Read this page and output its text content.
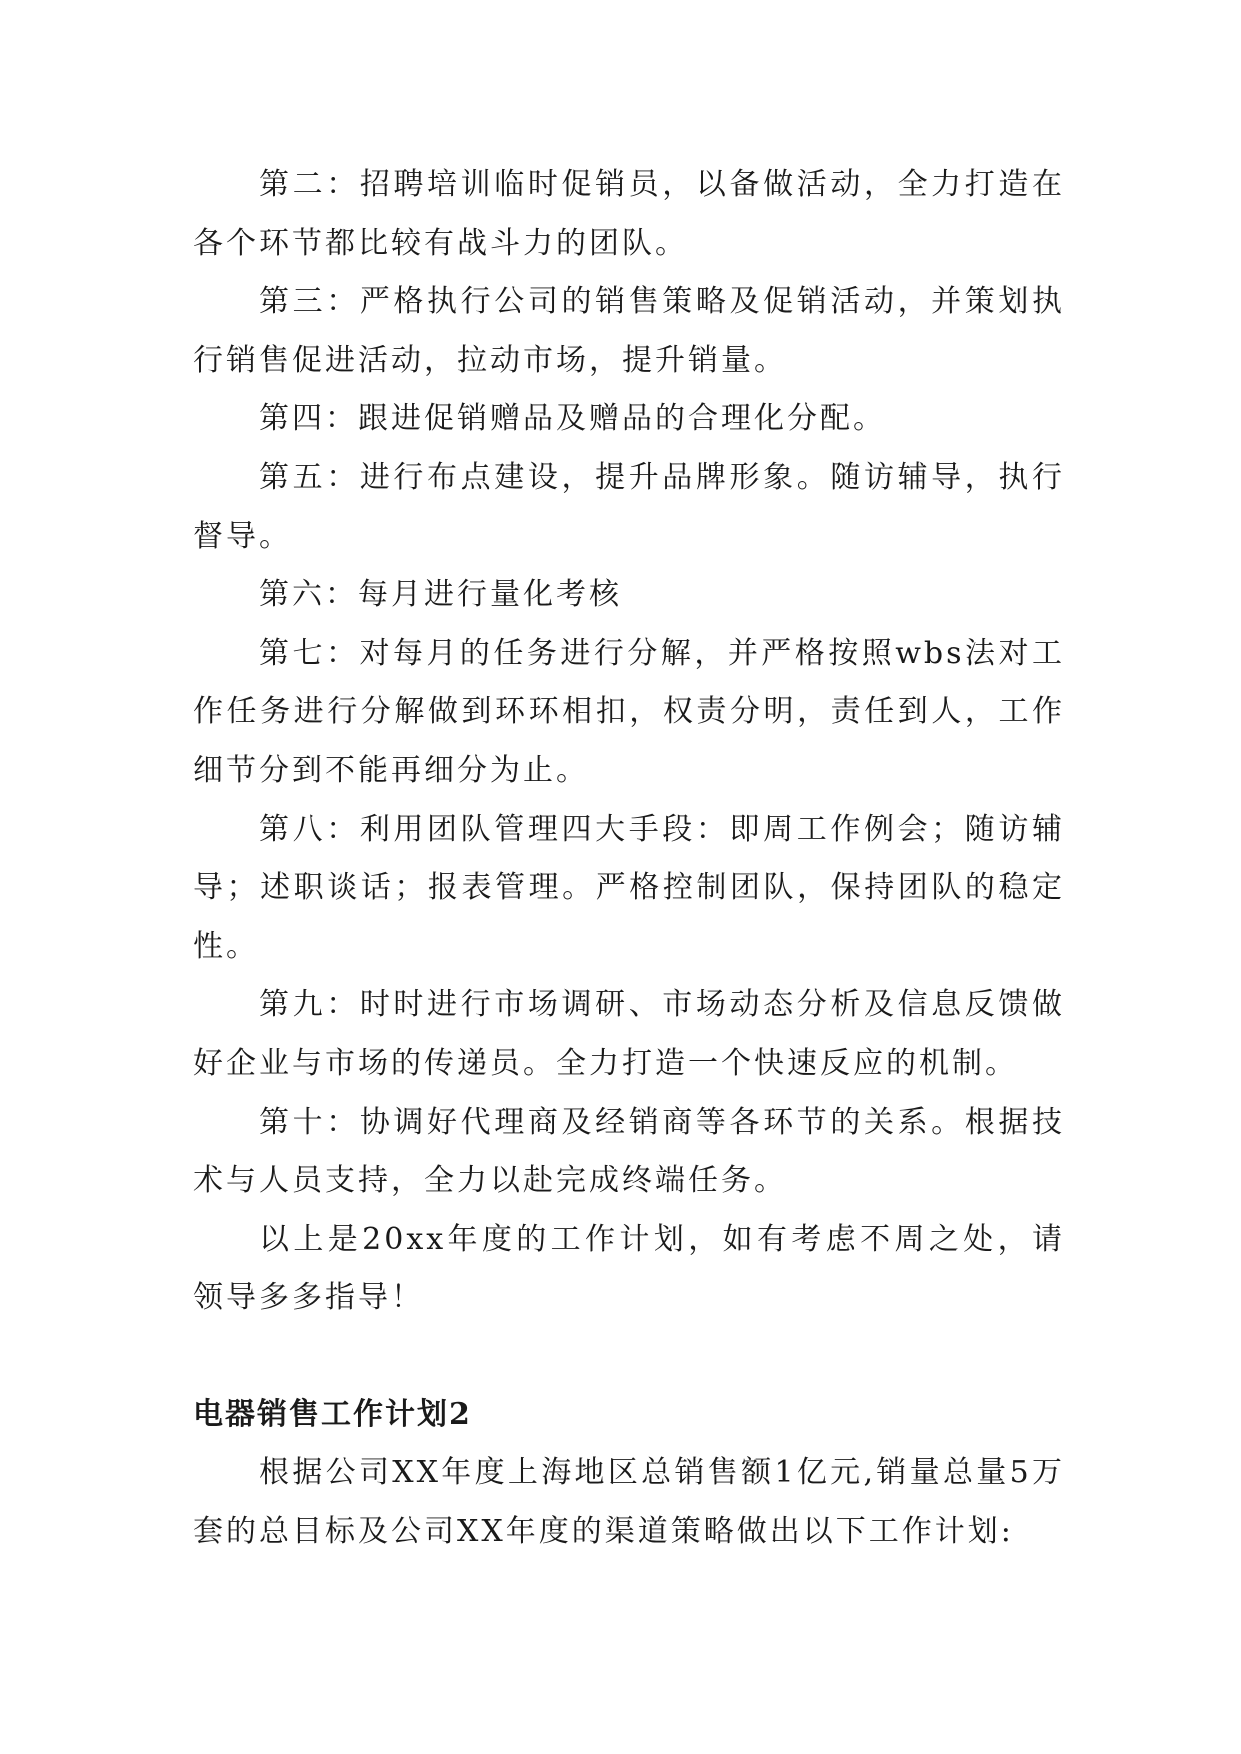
第二：招聘培训临时促销员，以备做活动，全力打造在各个环节都比较有战斗力的团队。

第三：严格执行公司的销售策略及促销活动，并策划执行销售促进活动，拉动市场，提升销量。

第四：跟进促销赠品及赠品的合理化分配。

第五：进行布点建设，提升品牌形象。随访辅导，执行督导。

第六：每月进行量化考核

第七：对每月的任务进行分解，并严格按照wbs法对工作任务进行分解做到环环相扣，权责分明，责任到人，工作细节分到不能再细分为止。

第八：利用团队管理四大手段：即周工作例会；随访辅导；述职谈话；报表管理。严格控制团队，保持团队的稳定性。

第九：时时进行市场调研、市场动态分析及信息反馈做好企业与市场的传递员。全力打造一个快速反应的机制。

第十：协调好代理商及经销商等各环节的关系。根据技术与人员支持，全力以赴完成终端任务。

以上是20xx年度的工作计划，如有考虑不周之处，请领导多多指导！

电器销售工作计划2

根据公司XX年度上海地区总销售额1亿元,销量总量5万套的总目标及公司XX年度的渠道策略做出以下工作计划:
